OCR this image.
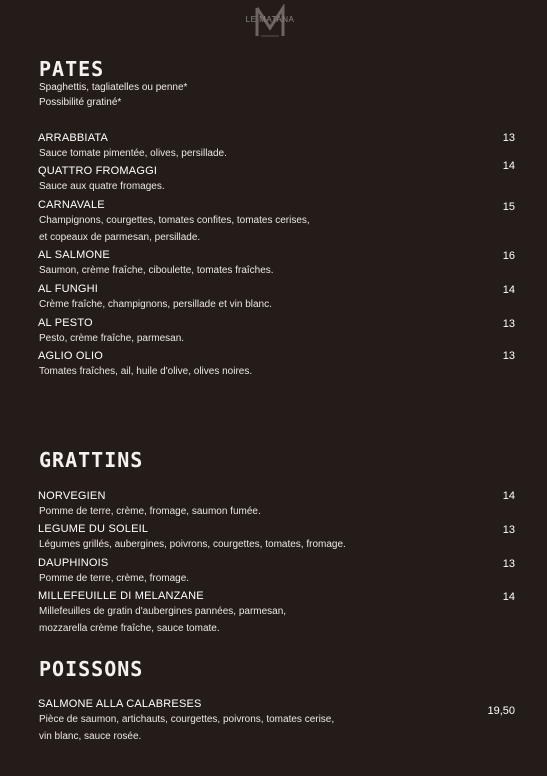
LE MATANA
PATES
Spaghettis, tagliatelles ou penne*
Possibilité gratiné*
ARRABBIATA
Sauce tomate pimentée, olives, persillade.
13
QUATTRO FROMAGGI
Sauce aux quatre fromages.
14
CARNAVALE
Champignons, courgettes, tomates confites, tomates cerises,
et copeaux de parmesan, persillade.
15
AL SALMONE
Saumon, crème fraîche, ciboulette, tomates fraîches.
16
AL FUNGHI
Crème fraîche, champignons, persillade et vin blanc.
14
AL PESTO
Pesto, crème fraîche, parmesan.
13
AGLIO OLIO
Tomates fraîches, ail, huile d'olive, olives noires.
13
GRATTINS
NORVEGIEN
Pomme de terre, crème, fromage, saumon fumée.
14
LEGUME DU SOLEIL
Légumes grillés, aubergines, poivrons, courgettes, tomates, fromage.
13
DAUPHINOIS
Pomme de terre, crème, fromage.
13
MILLEFEUILLE DI MELANZANE
Millefeuilles de gratin d'aubergines pannées, parmesan,
mozzarella crème fraîche, sauce tomate.
14
POISSONS
SALMONE ALLA CALABRESES
Pièce de saumon, artichauts, courgettes, poivrons, tomates cerise,
vin blanc, sauce rosée.
19,50
